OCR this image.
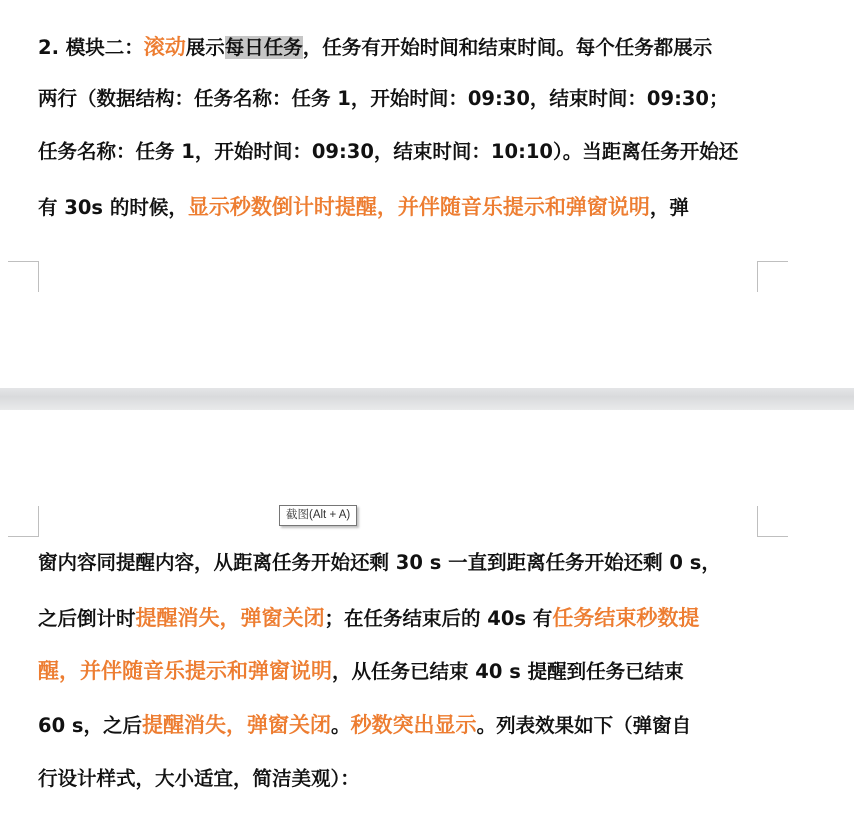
2. 模块二：滚动展示每日任务，任务有开始时间和结束时间。每个任务都展示

两行（数据结构：任务名称：任务 1，开始时间：09:30，结束时间：09:30；

任务名称：任务 1，开始时间：09:30，结束时间：10:10）。当距离任务开始还

有 30s 的时候，显示秒数倒计时提醒，并伴随音乐提示和弹窗说明，弹

窗内容同提醒内容，从距离任务开始还剩 30 s 一直到距离任务开始还剩 0 s，

之后倒计时提醒消失，弹窗关闭；在任务结束后的 40s 有任务结束秒数提

醒，并伴随音乐提示和弹窗说明，从任务已结束 40 s 提醒到任务已结束

60 s，之后提醒消失，弹窗关闭。秒数突出显示。列表效果如下（弹窗自

行设计样式，大小适宜，简洁美观）：

截图(Alt + A)
